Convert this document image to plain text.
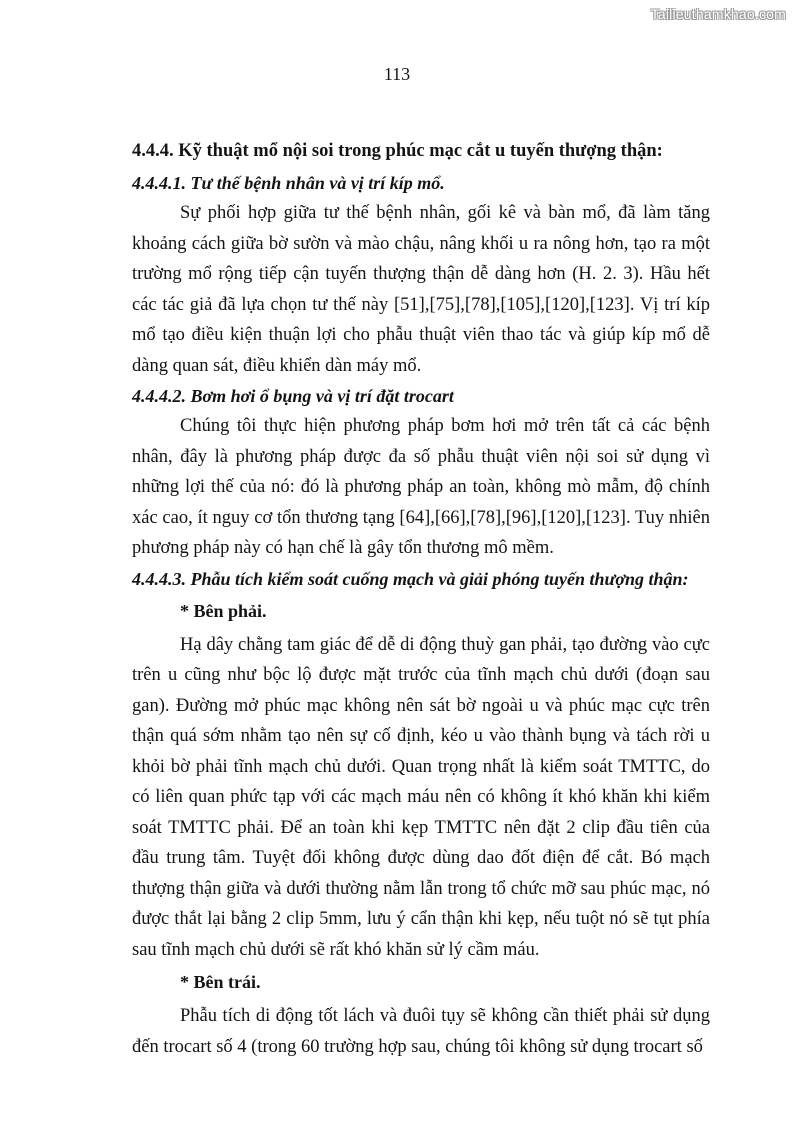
Tailieuthamkhao.com
113
4.4.4. Kỹ thuật mổ nội soi trong phúc mạc cắt u tuyến thượng thận:
4.4.4.1. Tư thế bệnh nhân và vị trí kíp mổ.

Sự phối hợp giữa tư thế bệnh nhân, gối kê và bàn mổ, đã làm tăng khoảng cách giữa bờ sườn và mào chậu, nâng khối u ra nông hơn, tạo ra một trường mổ rộng tiếp cận tuyến thượng thận dễ dàng hơn (H. 2. 3). Hầu hết các tác giả đã lựa chọn tư thế này [51],[75],[78],[105],[120],[123]. Vị trí kíp mổ tạo điều kiện thuận lợi cho phẫu thuật viên thao tác và giúp kíp mổ dễ dàng quan sát, điều khiển dàn máy mổ.

4.4.4.2. Bơm hơi ổ bụng và vị trí đặt trocart

Chúng tôi thực hiện phương pháp bơm hơi mở trên tất cả các bệnh nhân, đây là phương pháp được đa số phẫu thuật viên nội soi sử dụng vì những lợi thế của nó: đó là phương pháp an toàn, không mò mẫm, độ chính xác cao, ít nguy cơ tổn thương tạng [64],[66],[78],[96],[120],[123]. Tuy nhiên phương pháp này có hạn chế là gây tổn thương mô mềm.

4.4.4.3. Phẫu tích kiểm soát cuống mạch và giải phóng tuyến thượng thận:
* Bên phải.

Hạ dây chằng tam giác để dễ di động thuỳ gan phải, tạo đường vào cực trên u cũng như bộc lộ được mặt trước của tĩnh mạch chủ dưới (đoạn sau gan). Đường mở phúc mạc không nên sát bờ ngoài u và phúc mạc cực trên thận quá sớm nhằm tạo nên sự cố định, kéo u vào thành bụng và tách rời u khỏi bờ phải tĩnh mạch chủ dưới. Quan trọng nhất là kiểm soát TMTTC, do có liên quan phức tạp với các mạch máu nên có không ít khó khăn khi kiểm soát TMTTC phải. Để an toàn khi kẹp TMTTC nên đặt 2 clip đầu tiên của đầu trung tâm. Tuyệt đối không được dùng dao đốt điện để cắt. Bó mạch thượng thận giữa và dưới thường nằm lẫn trong tổ chức mỡ sau phúc mạc, nó được thắt lại bằng 2 clip 5mm, lưu ý cẩn thận khi kẹp, nếu tuột nó sẽ tụt phía sau tĩnh mạch chủ dưới sẽ rất khó khăn sử lý cầm máu.

* Bên trái.

Phẫu tích di động tốt lách và đuôi tụy sẽ không cần thiết phải sử dụng đến trocart số 4 (trong 60 trường hợp sau, chúng tôi không sử dụng trocart số
